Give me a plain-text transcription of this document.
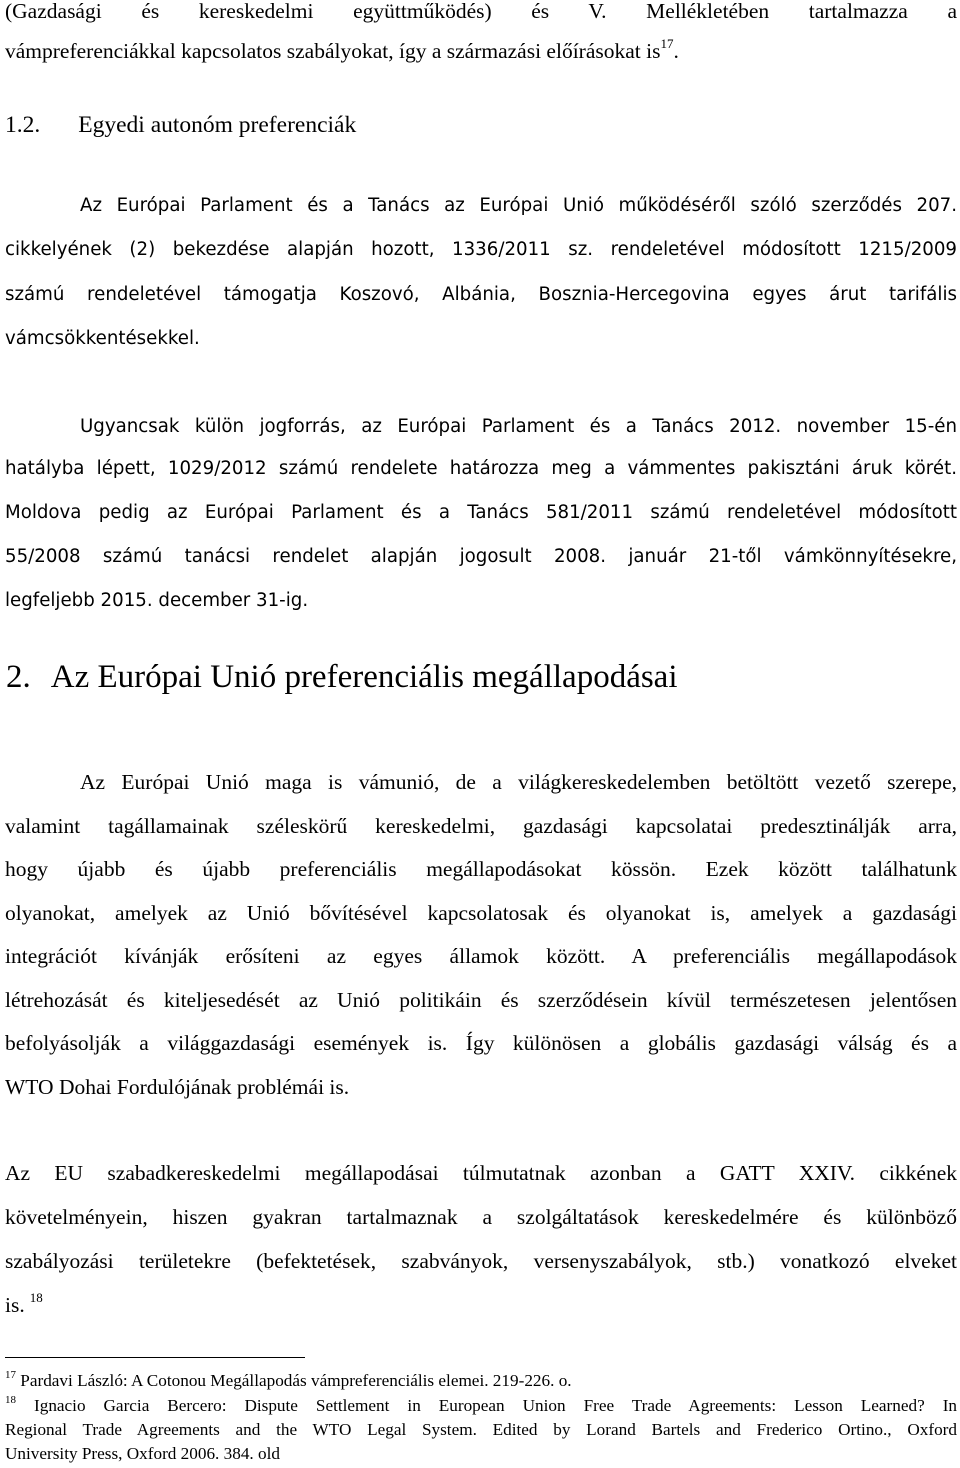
(Gazdasági és kereskedelmi együttműködés) és V. Mellékletében tartalmazza a
vámpreferenciákkal kapcsolatos szabályokat, így a származási előírásokat $is^{17}$.
1.2. Egyedi autonóm preferenciák
Az Európai Parlament és a Tanács az Európai Unió működéséről szóló szerződés 207.
cikkelyének (2) bekezdése alapján hozott, 1336/2011 sz. rendeletével módosított 1215/2009
számú rendeletével támogatja Koszovó, Albánia, Bosznia-Hercegovina egyes árut tarifális
vámcsökkentésekkel.
Ugyancsak külön jogforrás, az Európai Parlament és a Tanács 2012. november 15-én
hatályba lépett, 1029/2012 számú rendelete határozza meg a vámmentes pakisztáni áruk körét.
Moldova pedig az Európai Parlament és a Tanács 581/2011 számú rendeletével módosított
55/2008 számú tanácsi rendelet alapján jogosult 2008. január 21-től vámkönnyítésekre,
legfeljebb 2015. december 31-ig.
2. Az Európai Unió preferenciális megállapodásai
Az Európai Unió maga is vámunió, de a világkereskedelemben betöltött vezető szerepe,
valamint tagállamainak széleskörű kereskedelmi, gazdasági kapcsolatai predesztinálják arra,
hogy újabb és újabb preferenciális megállapodásokat kössön. Ezek között találhatunk
olyanokat, amelyek az Unió bővítésével kapcsolatosak és olyanokat is, amelyek a gazdasági
integrációt kívánják erősíteni az egyes államok között. A preferenciális megállapodások
létrehozását és kiteljesedését az Unió politikáin és szerződésein kívül természetesen jelentősen
befolyásolják a világgazdasági események is. Így különösen a globális gazdasági válság és a
WTO Dohai Fordulójának problémái is.
Az EU szabadkereskedelmi megállapodásai túlmutatnak azonban a GATT XXIV. cikkének
követelményein, hiszen gyakran tartalmaznak a szolgáltatások kereskedelmére és különböző
szabályozási területekre (befektetések, szabványok, versenyszabályok, stb.) vonatkozó elveket
is. $^{18}$
$^{17}$ Pardavi László: A Cotonou Megállapodás vámpreferenciális elemei. 219-226. o.
$^{18}$ Ignacio Garcia Bercero: Dispute Settlement in European Union Free Trade Agreements: Lesson Learned? In
Regional Trade Agreements and the WTO Legal System. Edited by Lorand Bartels and Frederico Ortino., Oxford
University Press, Oxford 2006. 384. old
